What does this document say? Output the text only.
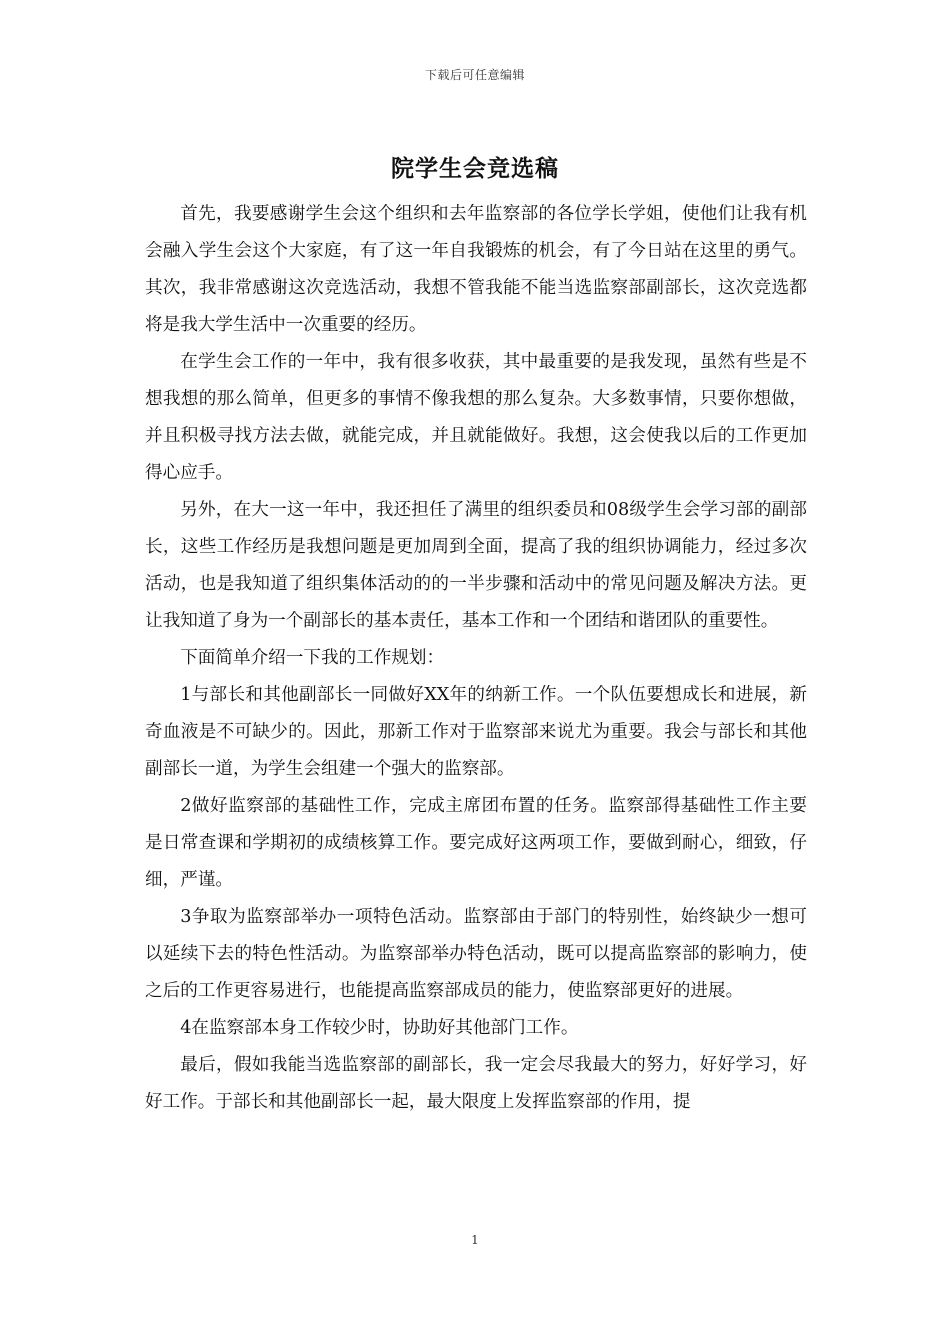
下载后可任意编辑
院学生会竞选稿

首先，我要感谢学生会这个组织和去年监察部的各位学长学姐，使他们让我有机会融入学生会这个大家庭，有了这一年自我锻炼的机会，有了今日站在这里的勇气。其次，我非常感谢这次竞选活动，我想不管我能不能当选监察部副部长，这次竞选都将是我大学生活中一次重要的经历。

在学生会工作的一年中，我有很多收获，其中最重要的是我发现，虽然有些是不想我想的那么简单，但更多的事情不像我想的那么复杂。大多数事情，只要你想做，并且积极寻找方法去做，就能完成，并且就能做好。我想，这会使我以后的工作更加得心应手。

另外，在大一这一年中，我还担任了满里的组织委员和08级学生会学习部的副部长，这些工作经历是我想问题是更加周到全面，提高了我的组织协调能力，经过多次活动，也是我知道了组织集体活动的的一半步骤和活动中的常见问题及解决方法。更让我知道了身为一个副部长的基本责任，基本工作和一个团结和谐团队的重要性。

下面简单介绍一下我的工作规划：

1与部长和其他副部长一同做好XX年的纳新工作。一个队伍要想成长和进展，新奇血液是不可缺少的。因此，那新工作对于监察部来说尤为重要。我会与部长和其他副部长一道，为学生会组建一个强大的监察部。

2做好监察部的基础性工作，完成主席团布置的任务。监察部得基础性工作主要是日常查课和学期初的成绩核算工作。要完成好这两项工作，要做到耐心，细致，仔细，严谨。

3争取为监察部举办一项特色活动。监察部由于部门的特别性，始终缺少一想可以延续下去的特色性活动。为监察部举办特色活动，既可以提高监察部的影响力，使之后的工作更容易进行，也能提高监察部成员的能力，使监察部更好的进展。

4在监察部本身工作较少时，协助好其他部门工作。

最后，假如我能当选监察部的副部长，我一定会尽我最大的努力，好好学习，好好工作。于部长和其他副部长一起，最大限度上发挥监察部的作用，提

1
